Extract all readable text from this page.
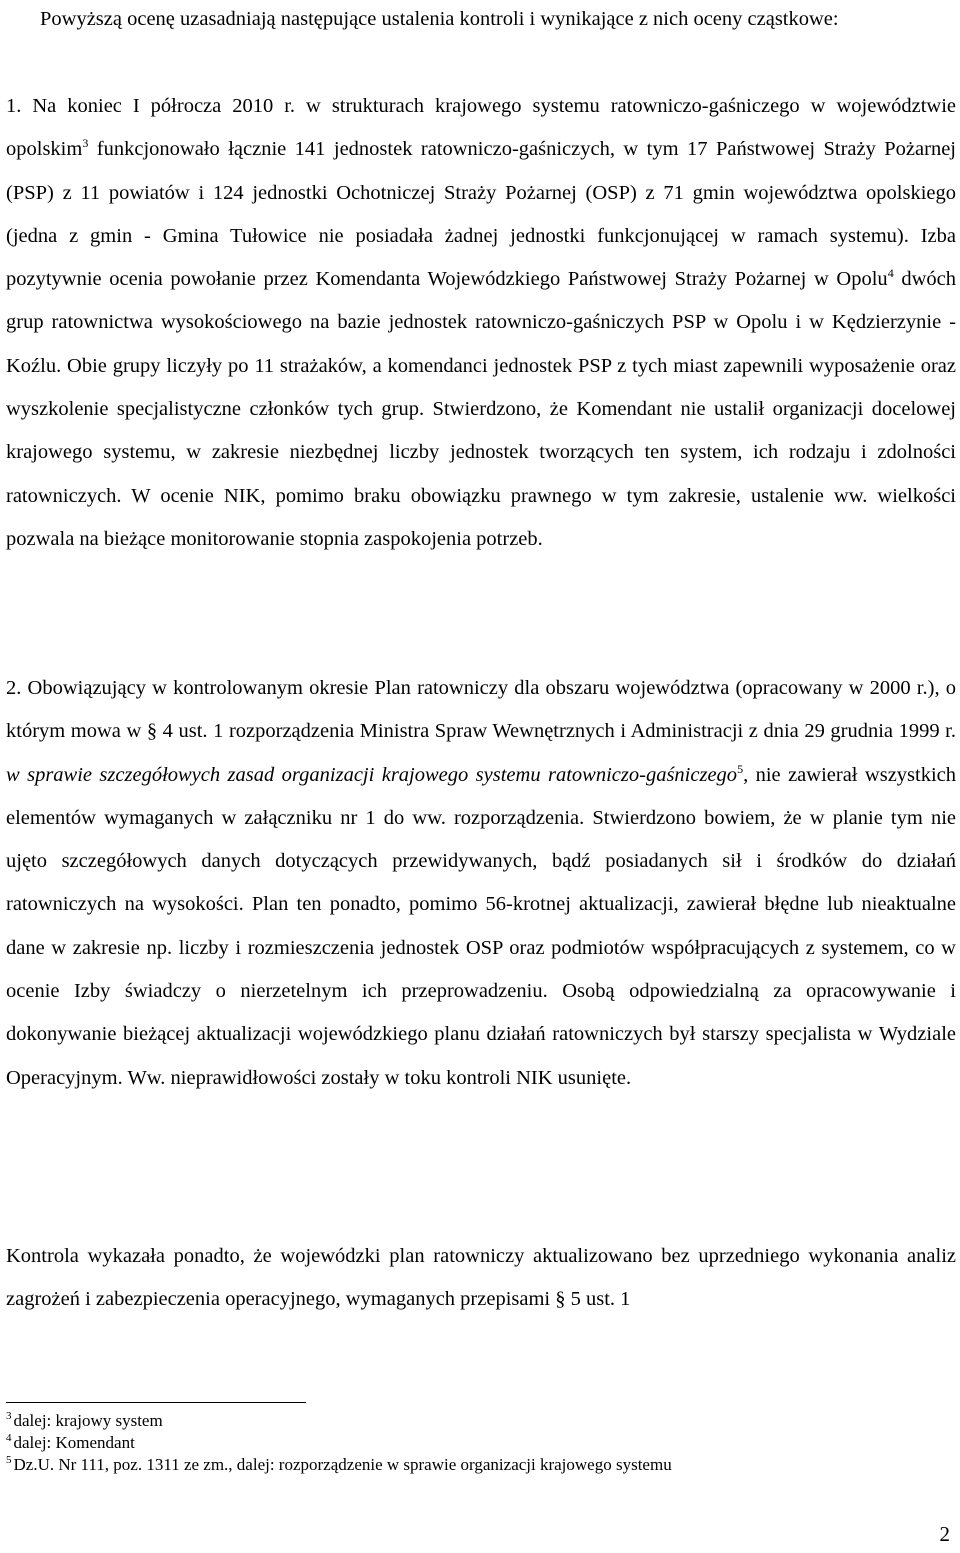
Powyższą ocenę uzasadniają następujące ustalenia kontroli i wynikające z nich oceny cząstkowe:

1. Na koniec I półrocza 2010 r. w strukturach krajowego systemu ratowniczo-gaśniczego w województwie opolskim$^3$ funkcjonowało łącznie 141 jednostek ratowniczo-gaśniczych, w tym 17 Państwowej Straży Pożarnej (PSP) z 11 powiatów i 124 jednostki Ochotniczej Straży Pożarnej (OSP) z 71 gmin województwa opolskiego (jedna z gmin - Gmina Tułowice nie posiadała żadnej jednostki funkcjonującej w ramach systemu). Izba pozytywnie ocenia powołanie przez Komendanta Wojewódzkiego Państwowej Straży Pożarnej w Opolu$^4$ dwóch grup ratownictwa wysokościowego na bazie jednostek ratowniczo-gaśniczych PSP w Opolu i w Kędzierzynie - Koźlu. Obie grupy liczyły po 11 strażaków, a komendanci jednostek PSP z tych miast zapewnili wyposażenie oraz wyszkolenie specjalistyczne członków tych grup. Stwierdzono, że Komendant nie ustalił organizacji docelowej krajowego systemu, w zakresie niezbędnej liczby jednostek tworzących ten system, ich rodzaju i zdolności ratowniczych. W ocenie NIK, pomimo braku obowiązku prawnego w tym zakresie, ustalenie ww. wielkości pozwala na bieżące monitorowanie stopnia zaspokojenia potrzeb.

2. Obowiązujący w kontrolowanym okresie Plan ratowniczy dla obszaru województwa (opracowany w 2000 r.), o którym mowa w § 4 ust. 1 rozporządzenia Ministra Spraw Wewnętrznych i Administracji z dnia 29 grudnia 1999 r. w sprawie szczegółowych zasad organizacji krajowego systemu ratowniczo-gaśniczego$^5$, nie zawierał wszystkich elementów wymaganych w załączniku nr 1 do ww. rozporządzenia. Stwierdzono bowiem, że w planie tym nie ujęto szczegółowych danych dotyczących przewidywanych, bądź posiadanych sił i środków do działań ratowniczych na wysokości. Plan ten ponadto, pomimo 56-krotnej aktualizacji, zawierał błędne lub nieaktualne dane w zakresie np. liczby i rozmieszczenia jednostek OSP oraz podmiotów współpracujących z systemem, co w ocenie Izby świadczy o nierzetelnym ich przeprowadzeniu. Osobą odpowiedzialną za opracowywanie i dokonywanie bieżącej aktualizacji wojewódzkiego planu działań ratowniczych był starszy specjalista w Wydziale Operacyjnym. Ww. nieprawidłowości zostały w toku kontroli NIK usunięte.

Kontrola wykazała ponadto, że wojewódzki plan ratowniczy aktualizowano bez uprzedniego wykonania analiz zagrożeń i zabezpieczenia operacyjnego, wymaganych przepisami § 5 ust. 1

$^3$ dalej: krajowy system
$^4$ dalej: Komendant
$^5$ Dz.U. Nr 111, poz. 1311 ze zm., dalej: rozporządzenie w sprawie organizacji krajowego systemu
2
